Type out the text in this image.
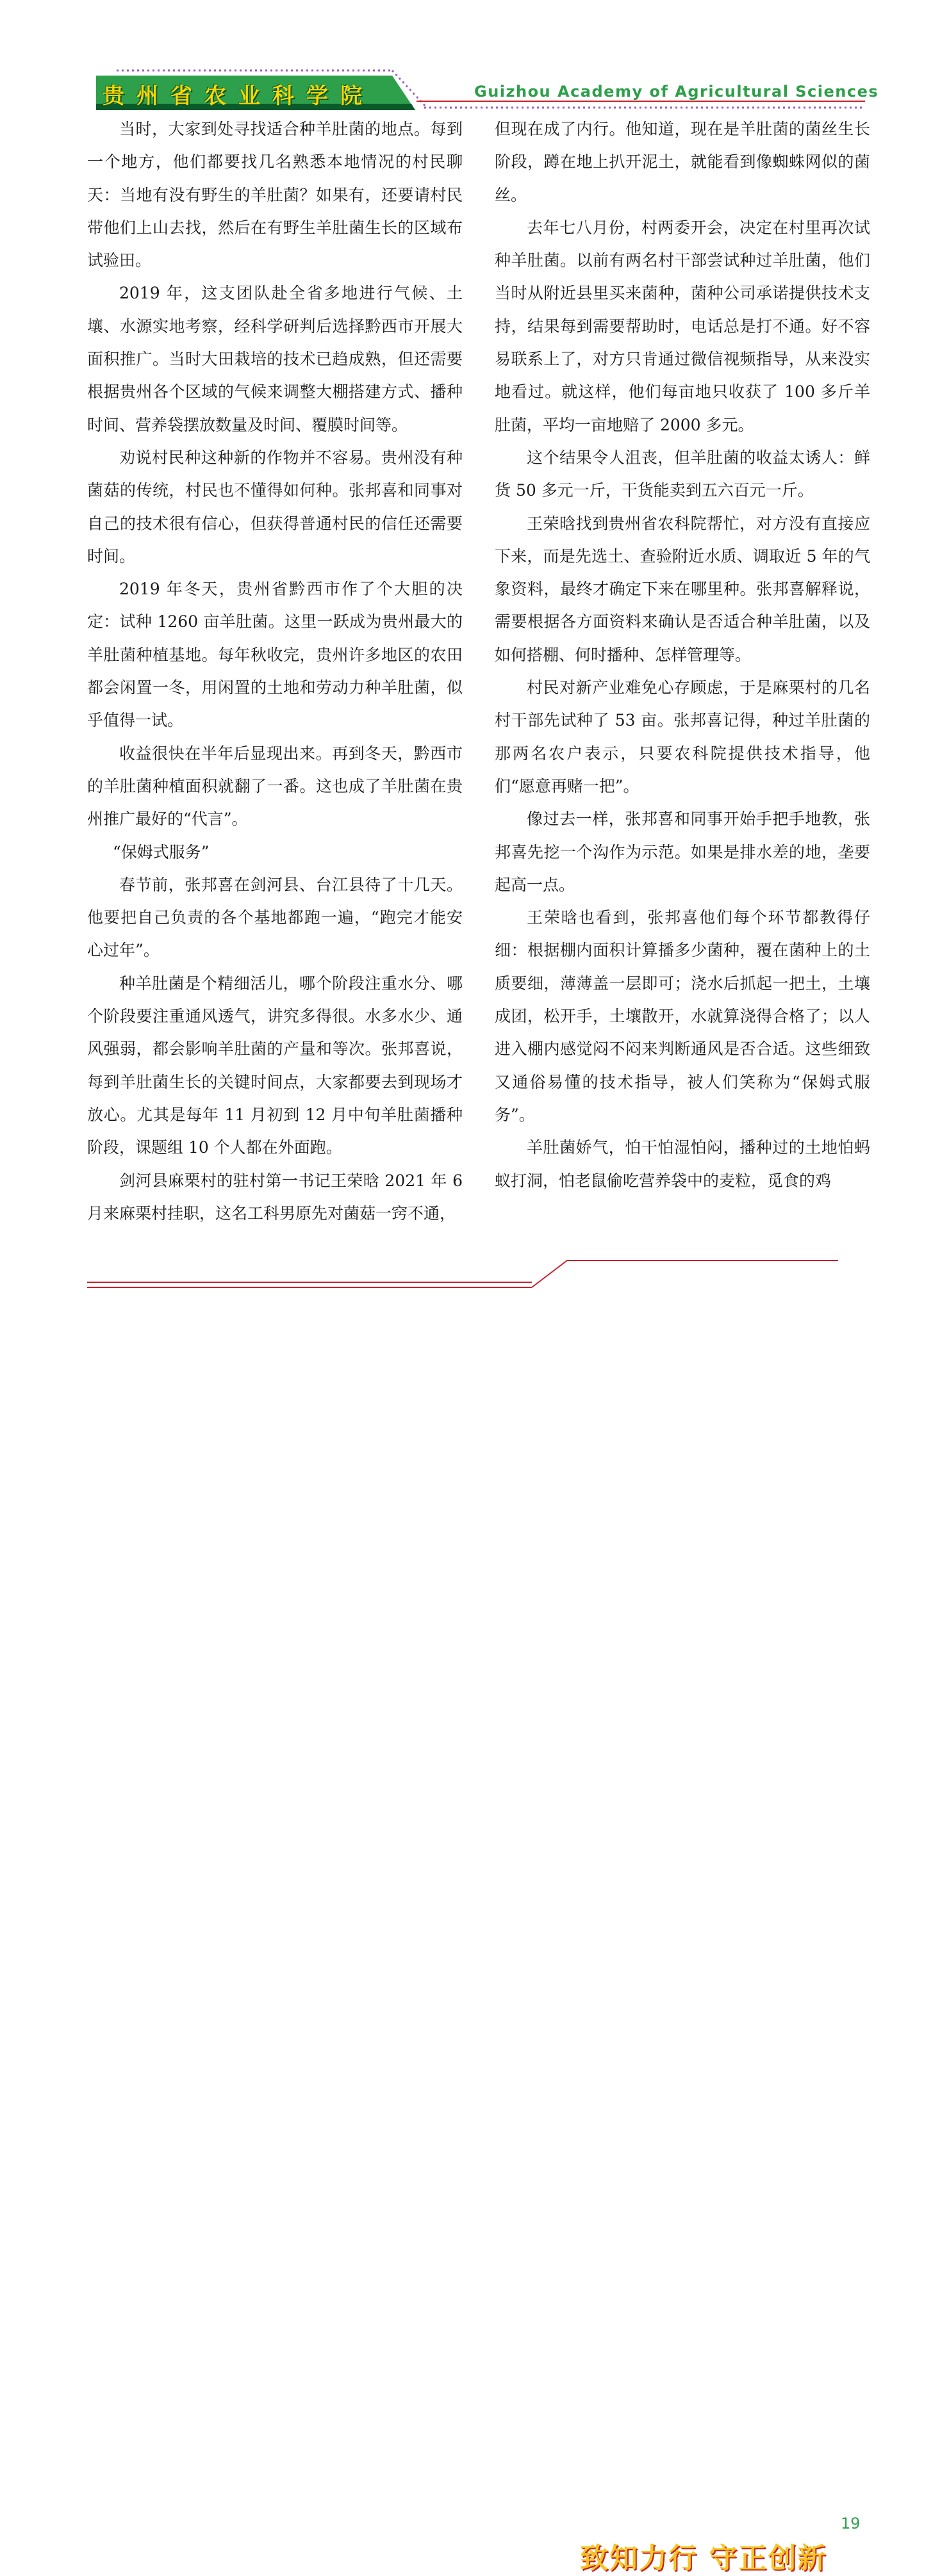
贵州省农业科学院	Guizhou Academy of Agricultural Sciences

当时，大家到处寻找适合种羊肚菌的地点。每到一个地方，他们都要找几名熟悉本地情况的村民聊天：当地有没有野生的羊肚菌？如果有，还要请村民带他们上山去找，然后在有野生羊肚菌生长的区域布试验田。

2019 年，这支团队赴全省多地进行气候、土壤、水源实地考察，经科学研判后选择黔西市开展大面积推广。当时大田栽培的技术已趋成熟，但还需要根据贵州各个区域的气候来调整大棚搭建方式、播种时间、营养袋摆放数量及时间、覆膜时间等。

劝说村民种这种新的作物并不容易。贵州没有种菌菇的传统，村民也不懂得如何种。张邦喜和同事对自己的技术很有信心，但获得普通村民的信任还需要时间。

2019 年冬天，贵州省黔西市作了个大胆的决定：试种 1260 亩羊肚菌。这里一跃成为贵州最大的羊肚菌种植基地。每年秋收完，贵州许多地区的农田都会闲置一冬，用闲置的土地和劳动力种羊肚菌，似乎值得一试。

收益很快在半年后显现出来。再到冬天，黔西市的羊肚菌种植面积就翻了一番。这也成了羊肚菌在贵州推广最好的“代言”。

“保姆式服务”

春节前，张邦喜在剑河县、台江县待了十几天。他要把自己负责的各个基地都跑一遍，“跑完才能安心过年”。

种羊肚菌是个精细活儿，哪个阶段注重水分、哪个阶段要注重通风透气，讲究多得很。水多水少、通风强弱，都会影响羊肚菌的产量和等次。张邦喜说，每到羊肚菌生长的关键时间点，大家都要去到现场才放心。尤其是每年 11 月初到 12 月中旬羊肚菌播种阶段，课题组 10 个人都在外面跑。

剑河县麻栗村的驻村第一书记王荣晗 2021 年 6 月来麻栗村挂职，这名工科男原先对菌菇一窍不通，

但现在成了内行。他知道，现在是羊肚菌的菌丝生长阶段，蹲在地上扒开泥土，就能看到像蜘蛛网似的菌丝。

去年七八月份，村两委开会，决定在村里再次试种羊肚菌。以前有两名村干部尝试种过羊肚菌，他们当时从附近县里买来菌种，菌种公司承诺提供技术支持，结果每到需要帮助时，电话总是打不通。好不容易联系上了，对方只肯通过微信视频指导，从来没实地看过。就这样，他们每亩地只收获了 100 多斤羊肚菌，平均一亩地赔了 2000 多元。

这个结果令人沮丧，但羊肚菌的收益太诱人：鲜货 50 多元一斤，干货能卖到五六百元一斤。

王荣晗找到贵州省农科院帮忙，对方没有直接应下来，而是先选土、查验附近水质、调取近 5 年的气象资料，最终才确定下来在哪里种。张邦喜解释说，需要根据各方面资料来确认是否适合种羊肚菌，以及如何搭棚、何时播种、怎样管理等。

村民对新产业难免心存顾虑，于是麻栗村的几名村干部先试种了 53 亩。张邦喜记得，种过羊肚菌的那两名农户表示，只要农科院提供技术指导，他们“愿意再赌一把”。

像过去一样，张邦喜和同事开始手把手地教，张邦喜先挖一个沟作为示范。如果是排水差的地，垄要起高一点。

王荣晗也看到，张邦喜他们每个环节都教得仔细：根据棚内面积计算播多少菌种，覆在菌种上的土质要细，薄薄盖一层即可；浇水后抓起一把土，土壤成团，松开手，土壤散开，水就算浇得合格了；以人进入棚内感觉闷不闷来判断通风是否合适。这些细致又通俗易懂的技术指导，被人们笑称为“保姆式服务”。

羊肚菌娇气，怕干怕湿怕闷，播种过的土地怕蚂蚁打洞，怕老鼠偷吃营养袋中的麦粒，觅食的鸡

19
致知力行 守正创新
